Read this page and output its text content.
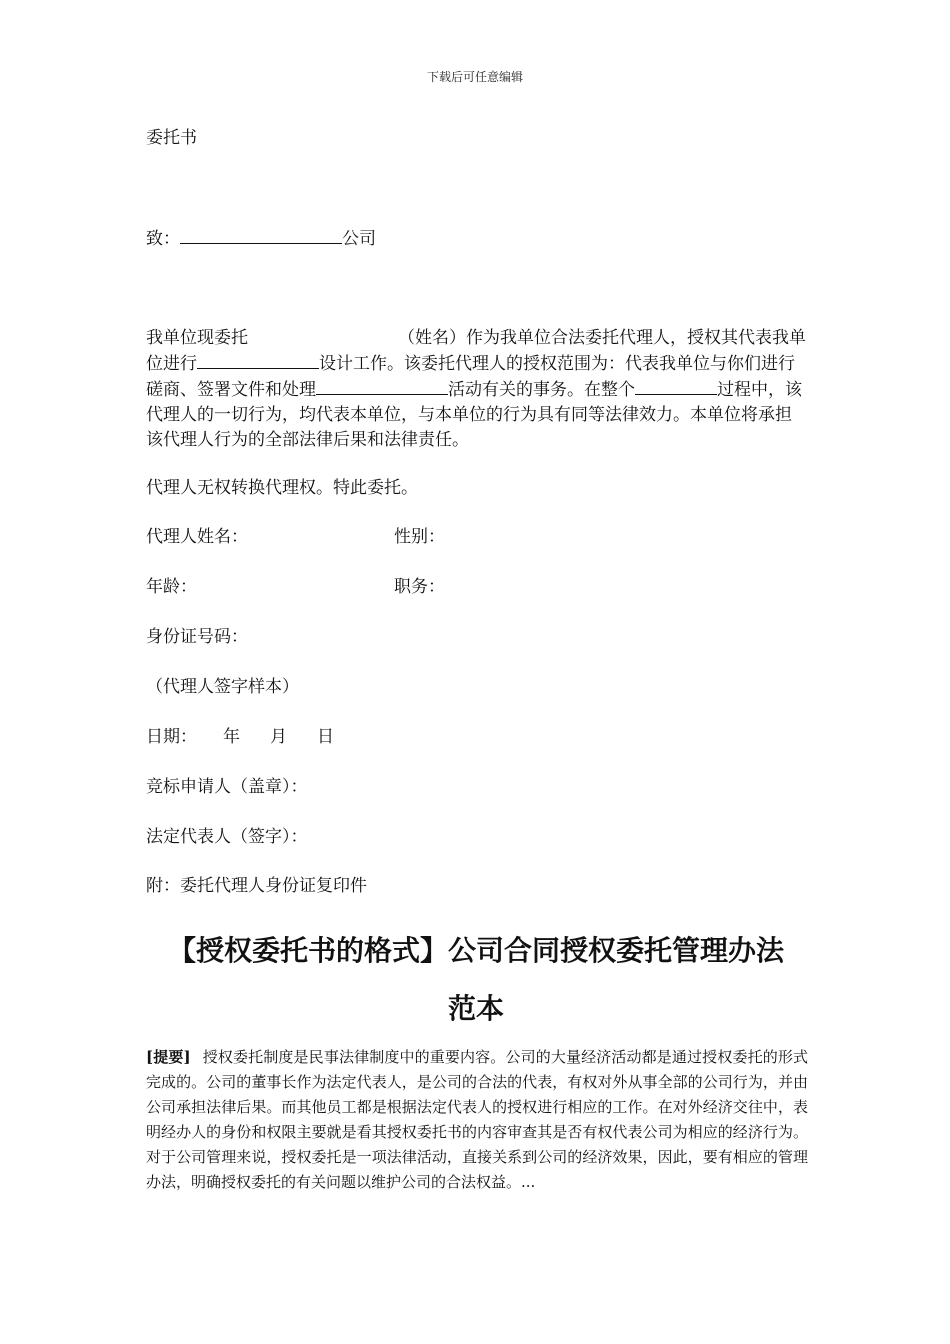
下载后可任意编辑
委托书
致：	公司
我单位现委托	（姓名）作为我单位合法委托代理人，授权其代表我单位进行	设计工作。该委托代理人的授权范围为：代表我单位与你们进行磋商、签署文件和处理	活动有关的事务。在整个	过程中，该代理人的一切行为，均代表本单位，与本单位的行为具有同等法律效力。本单位将承担该代理人行为的全部法律后果和法律责任。
代理人无权转换代理权。特此委托。
代理人姓名：	性别：
年龄：	职务：
身份证号码：
（代理人签字样本）
日期： 年 月 日
竞标申请人（盖章）：
法定代表人（签字）：
附：委托代理人身份证复印件
【授权委托书的格式】公司合同授权委托管理办法
范本
[提要] 授权委托制度是民事法律制度中的重要内容。公司的大量经济活动都是通过授权委托的形式完成的。公司的董事长作为法定代表人，是公司的合法的代表，有权对外从事全部的公司行为，并由公司承担法律后果。而其他员工都是根据法定代表人的授权进行相应的工作。在对外经济交往中，表明经办人的身份和权限主要就是看其授权委托书的内容审查其是否有权代表公司为相应的经济行为。对于公司管理来说，授权委托是一项法律活动，直接关系到公司的经济效果，因此，要有相应的管理办法，明确授权委托的有关问题以维护公司的合法权益。...
